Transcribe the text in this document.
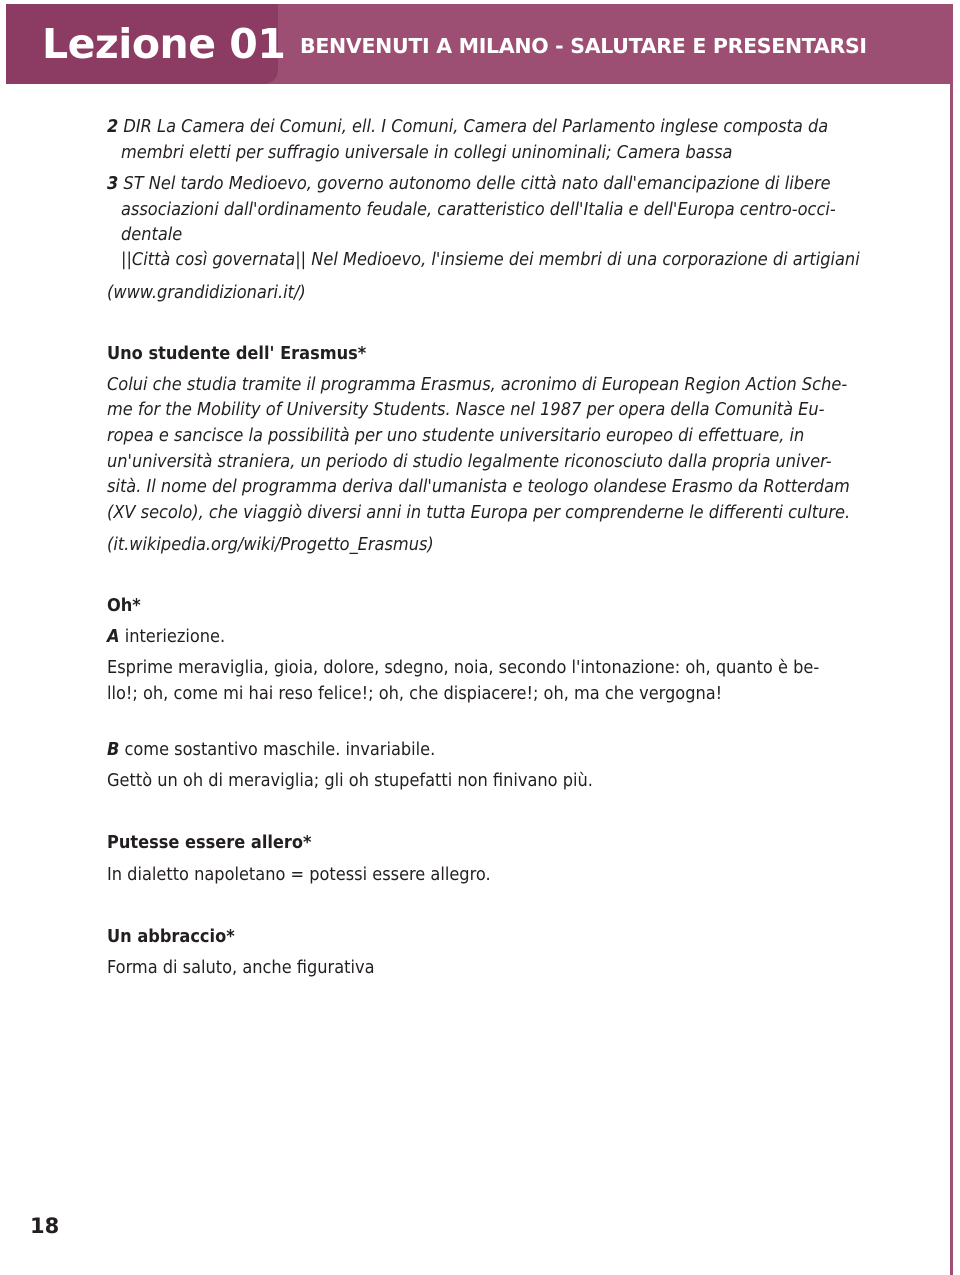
Lezione 01 BENVENUTI A MILANO - SALUTARE E PRESENTARSI
2 DIR La Camera dei Comuni, ell. I Comuni, Camera del Parlamento inglese composta da
membri eletti per suffragio universale in collegi uninominali; Camera bassa
3 ST Nel tardo Medioevo, governo autonomo delle città nato dall'emancipazione di libere
associazioni dall'ordinamento feudale, caratteristico dell'Italia e dell'Europa centro-occi-
dentale
||Città così governata|| Nel Medioevo, l'insieme dei membri di una corporazione di artigiani
(www.grandidizionari.it/)
Uno studente dell' Erasmus*
Colui che studia tramite il programma Erasmus, acronimo di European Region Action Sche-
me for the Mobility of University Students. Nasce nel 1987 per opera della Comunità Eu-
ropea e sancisce la possibilità per uno studente universitario europeo di effettuare, in
un'università straniera, un periodo di studio legalmente riconosciuto dalla propria univer-
sità. Il nome del programma deriva dall'umanista e teologo olandese Erasmo da Rotterdam
(XV secolo), che viaggiò diversi anni in tutta Europa per comprenderne le differenti culture.
(it.wikipedia.org/wiki/Progetto_Erasmus)
Oh*
A interiezione.
Esprime meraviglia, gioia, dolore, sdegno, noia, secondo l'intonazione: oh, quanto è be-
llo!; oh, come mi hai reso felice!; oh, che dispiacere!; oh, ma che vergogna!
B come sostantivo maschile. invariabile.
Gettò un oh di meraviglia; gli oh stupefatti non finivano più.
Putesse essere allero*
In dialetto napoletano = potessi essere allegro.
Un abbraccio*
Forma di saluto, anche figurativa
18
